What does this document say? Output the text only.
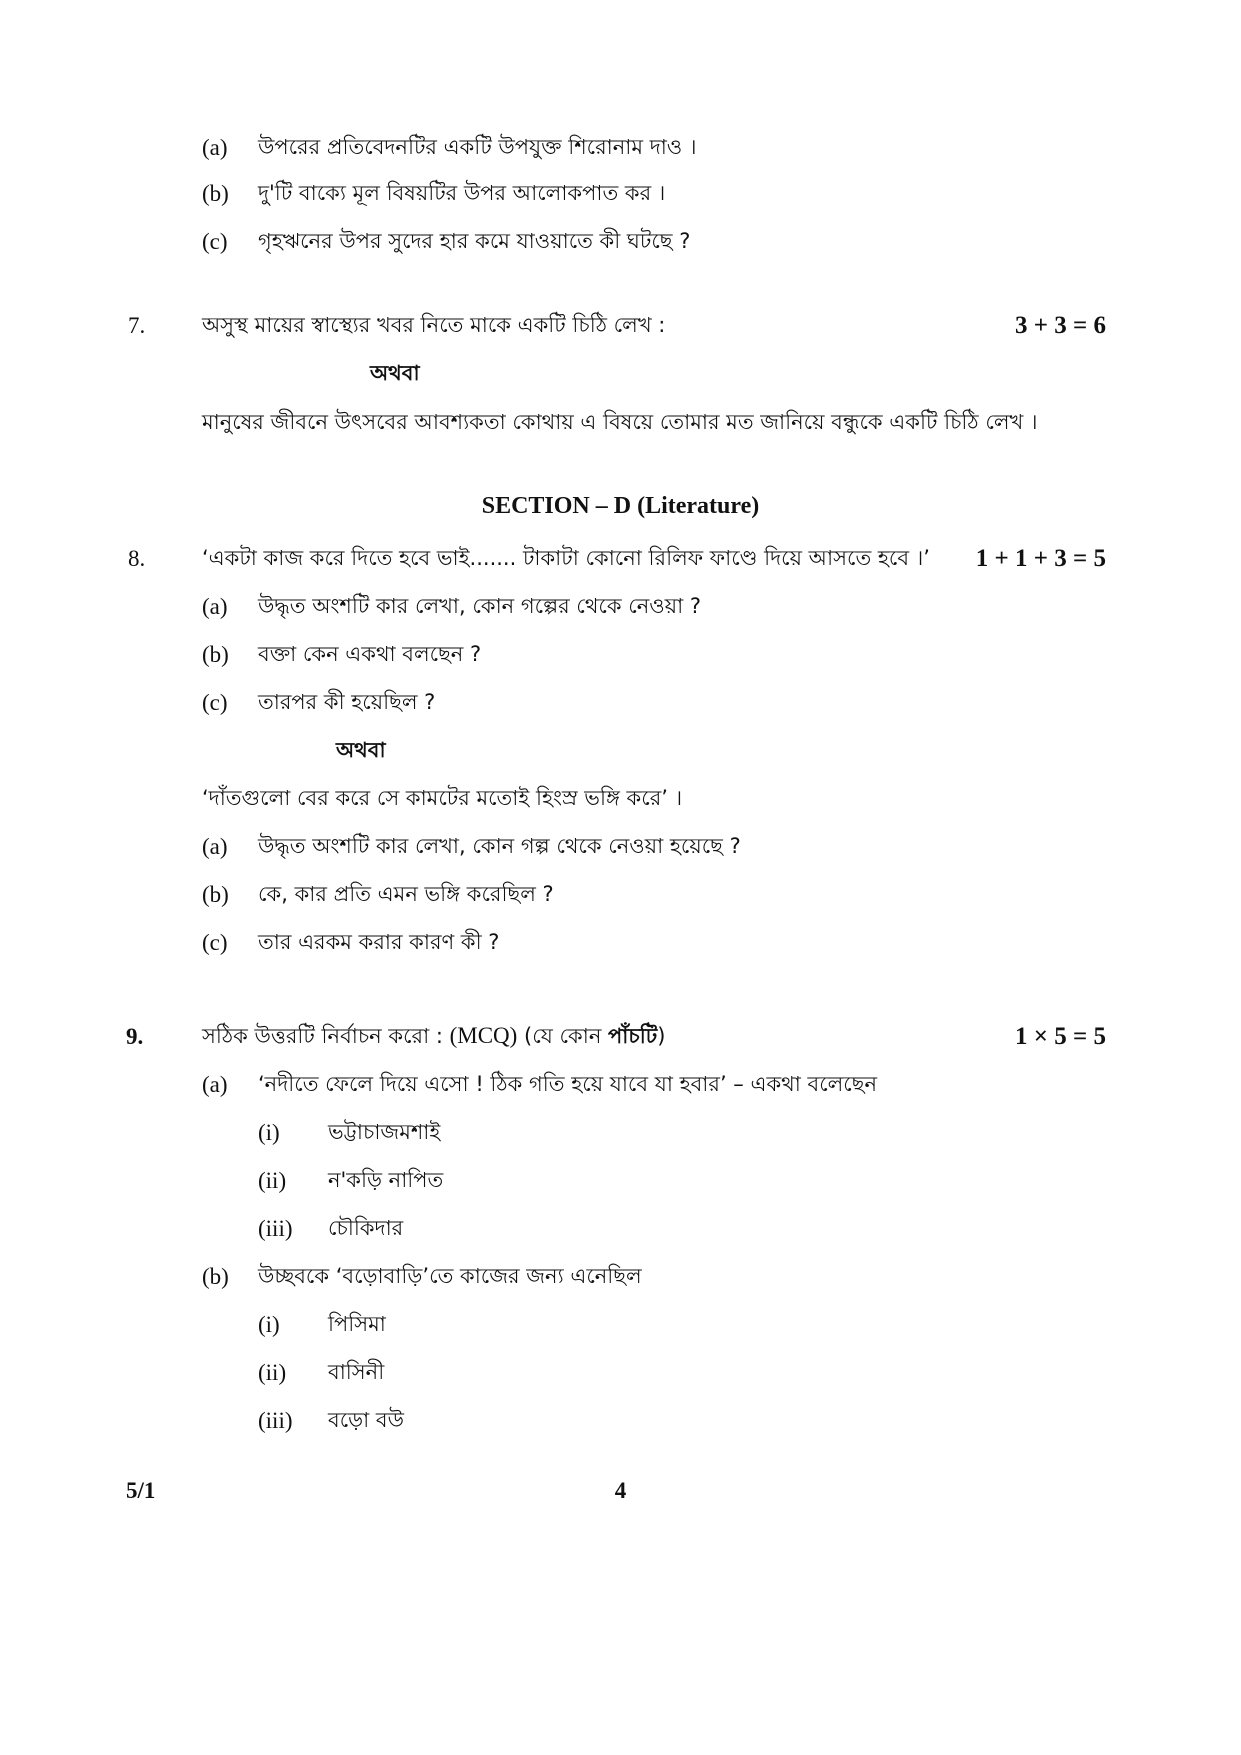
(a) উপরের প্রতিবেদনটির একটি উপযুক্ত শিরোনাম দাও ।
(b) দু'টি বাক্যে মূল বিষয়টির উপর আলোকপাত কর ।
(c) গৃহঋনের উপর সুদের হার কমে যাওয়াতে কী ঘটছে ?
7.	অসুস্থ মায়ের স্বাস্থ্যের খবর নিতে মাকে একটি চিঠি লেখ :	3 + 3 = 6
অথবা
মানুষের জীবনে উৎসবের আবশ্যকতা কোথায় এ বিষয়ে তোমার মত জানিয়ে বন্ধুকে একটি চিঠি লেখ ।
SECTION – D (Literature)
8.	‘একটা কাজ করে দিতে হবে ভাই....... টাকাটা কোনো রিলিফ ফাণ্ডে দিয়ে আসতে হবে ।’ 1 + 1 + 3 = 5
(a) উদ্ধৃত অংশটি কার লেখা, কোন গল্পের থেকে নেওয়া ?
(b) বক্তা কেন একথা বলছেন ?
(c) তারপর কী হয়েছিল ?
অথবা
‘দাঁতগুলো বের করে সে কামটের মতোই হিংস্র ভঙ্গি করে’ ।
(a) উদ্ধৃত অংশটি কার লেখা, কোন গল্প থেকে নেওয়া হয়েছে ?
(b) কে, কার প্রতি এমন ভঙ্গি করেছিল ?
(c) তার এরকম করার কারণ কী ?
9.	সঠিক উত্তরটি নির্বাচন করো : (MCQ) (যে কোন পাঁচটি)	1 × 5 = 5
(a) ‘নদীতে ফেলে দিয়ে এসো ! ঠিক গতি হয়ে যাবে যা হবার’ – একথা বলেছেন
(i) ভট্টাচাজমশাই
(ii) ন'কড়ি নাপিত
(iii) চৌকিদার
(b) উচ্ছবকে ‘বড়োবাড়ি’তে কাজের জন্য এনেছিল
(i) পিসিমা
(ii) বাসিনী
(iii) বড়ো বউ
5/1	4
